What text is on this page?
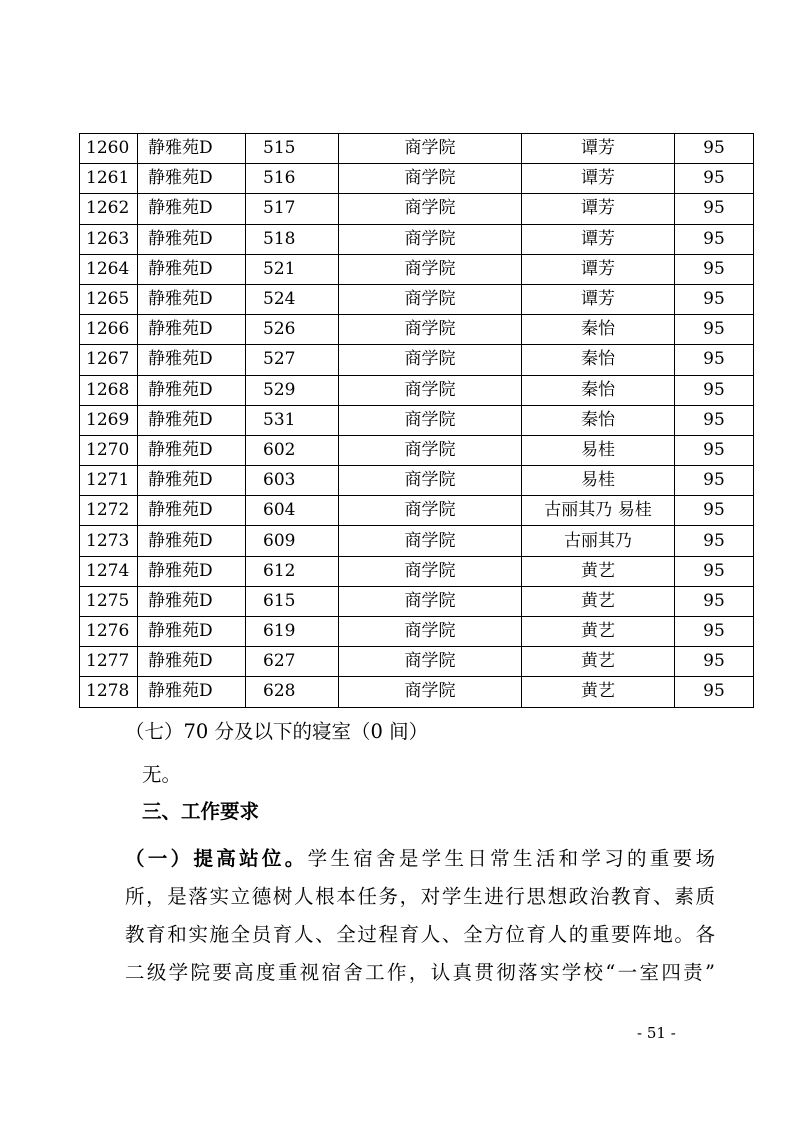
1260	静雅苑D	515	商学院	谭芳	95
1261	静雅苑D	516	商学院	谭芳	95
1262	静雅苑D	517	商学院	谭芳	95
1263	静雅苑D	518	商学院	谭芳	95
1264	静雅苑D	521	商学院	谭芳	95
1265	静雅苑D	524	商学院	谭芳	95
1266	静雅苑D	526	商学院	秦怡	95
1267	静雅苑D	527	商学院	秦怡	95
1268	静雅苑D	529	商学院	秦怡	95
1269	静雅苑D	531	商学院	秦怡	95
1270	静雅苑D	602	商学院	易桂	95
1271	静雅苑D	603	商学院	易桂	95
1272	静雅苑D	604	商学院	古丽其乃 易桂	95
1273	静雅苑D	609	商学院	古丽其乃	95
1274	静雅苑D	612	商学院	黄艺	95
1275	静雅苑D	615	商学院	黄艺	95
1276	静雅苑D	619	商学院	黄艺	95
1277	静雅苑D	627	商学院	黄艺	95
1278	静雅苑D	628	商学院	黄艺	95
（七）70 分及以下的寝室（0 间）
无。
三、工作要求
（一）提高站位。学生宿舍是学生日常生活和学习的重要场
所，是落实立德树人根本任务，对学生进行思想政治教育、素质
教育和实施全员育人、全过程育人、全方位育人的重要阵地。各
二级学院要高度重视宿舍工作，认真贯彻落实学校“一室四责”
- 51 -
